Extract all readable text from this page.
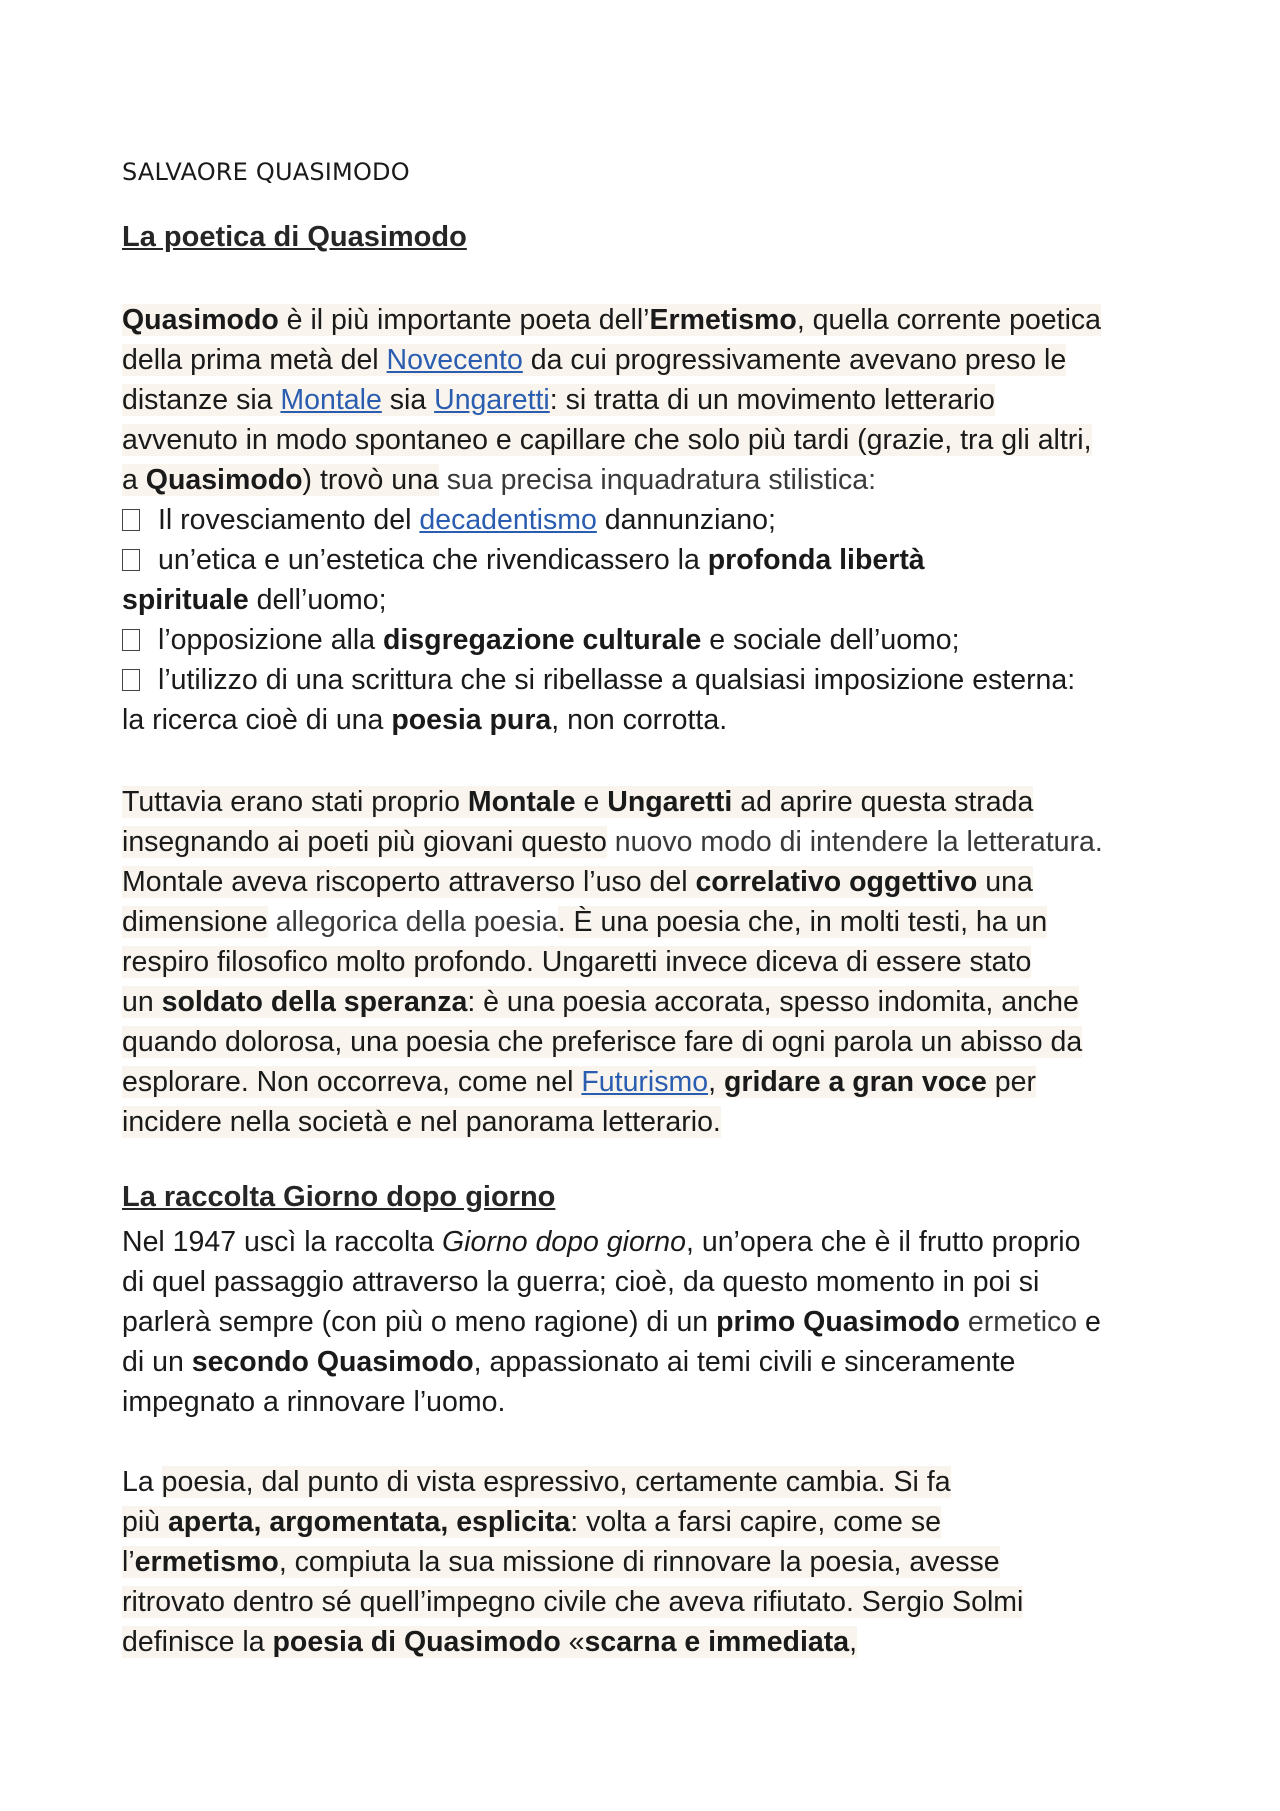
SALVAORE QUASIMODO
La poetica di Quasimodo
Quasimodo è il più importante poeta dell’Ermetismo, quella corrente poetica
della prima metà del Novecento da cui progressivamente avevano preso le
distanze sia Montale sia Ungaretti: si tratta di un movimento letterario
avvenuto in modo spontaneo e capillare che solo più tardi (grazie, tra gli altri,
a Quasimodo) trovò una sua precisa inquadratura stilistica:
Il rovesciamento del decadentismo dannunziano;
un’etica e un’estetica che rivendicassero la profonda libertà
spirituale dell’uomo;
l’opposizione alla disgregazione culturale e sociale dell’uomo;
l’utilizzo di una scrittura che si ribellasse a qualsiasi imposizione esterna:
la ricerca cioè di una poesia pura, non corrotta.
Tuttavia erano stati proprio Montale e Ungaretti ad aprire questa strada
insegnando ai poeti più giovani questo nuovo modo di intendere la letteratura.
Montale aveva riscoperto attraverso l’uso del correlativo oggettivo una
dimensione allegorica della poesia. È una poesia che, in molti testi, ha un
respiro filosofico molto profondo. Ungaretti invece diceva di essere stato
un soldato della speranza: è una poesia accorata, spesso indomita, anche
quando dolorosa, una poesia che preferisce fare di ogni parola un abisso da
esplorare. Non occorreva, come nel Futurismo, gridare a gran voce per
incidere nella società e nel panorama letterario.
La raccolta Giorno dopo giorno
Nel 1947 uscì la raccolta Giorno dopo giorno, un’opera che è il frutto proprio
di quel passaggio attraverso la guerra; cioè, da questo momento in poi si
parlerà sempre (con più o meno ragione) di un primo Quasimodo ermetico e
di un secondo Quasimodo, appassionato ai temi civili e sinceramente
impegnato a rinnovare l’uomo.
La poesia, dal punto di vista espressivo, certamente cambia. Si fa
più aperta, argomentata, esplicita: volta a farsi capire, come se
l’ermetismo, compiuta la sua missione di rinnovare la poesia, avesse
ritrovato dentro sé quell’impegno civile che aveva rifiutato. Sergio Solmi
definisce la poesia di Quasimodo «scarna e immediata,
